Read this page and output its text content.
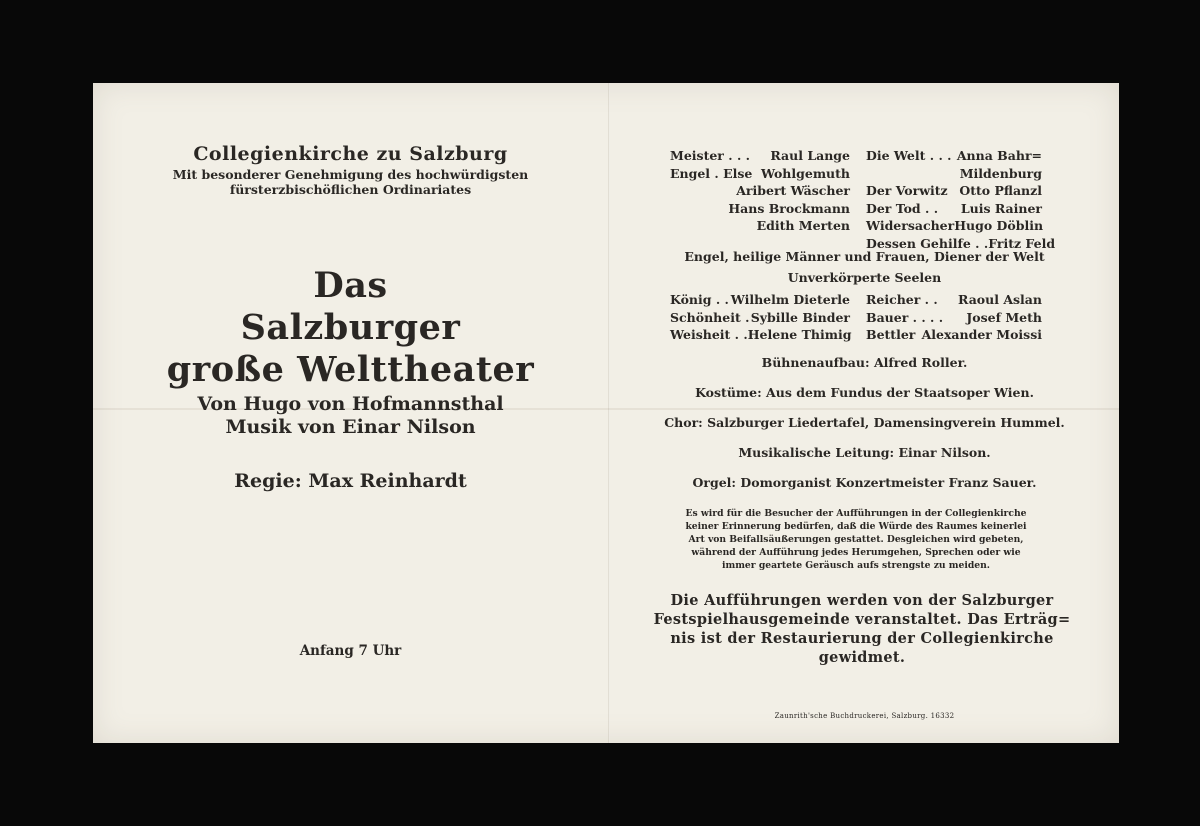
Collegienkirche zu Salzburg
Mit besonderer Genehmigung des hochwürdigsten
fürsterzbischöflichen Ordinariates
Das
Salzburger
große Welttheater
Von Hugo von Hofmannsthal
Musik von Einar Nilson
Regie: Max Reinhardt
Anfang 7 Uhr
Meister . . . Raul Lange
Engel . Else Wohlgemuth
Aribert Wäscher
Hans Brockmann
Edith Merten
Die Welt . . . Anna Bahr=
Mildenburg
Der Vorwitz Otto Pflanzl
Der Tod . . Luis Rainer
Widersacher Hugo Döblin
Dessen Gehilfe . . Fritz Feld
Engel, heilige Männer und Frauen, Diener der Welt
Unverkörperte Seelen
König . . Wilhelm Dieterle
Schönheit . Sybille Binder
Weisheit . . Helene Thimig
Reicher . . Raoul Aslan
Bauer . . . . Josef Meth
Bettler Alexander Moissi
Bühnenaufbau: Alfred Roller.
Kostüme: Aus dem Fundus der Staatsoper Wien.
Chor: Salzburger Liedertafel, Damensingverein Hummel.
Musikalische Leitung: Einar Nilson.
Orgel: Domorganist Konzertmeister Franz Sauer.
Es wird für die Besucher der Aufführungen in der Collegienkirche
keiner Erinnerung bedürfen, daß die Würde des Raumes keinerlei
Art von Beifallsäußerungen gestattet. Desgleichen wird gebeten,
während der Aufführung jedes Herumgehen, Sprechen oder wie
immer geartete Geräusch aufs strengste zu meiden.
Die Aufführungen werden von der Salzburger
Festspielhausgemeinde veranstaltet. Das Erträg=
nis ist der Restaurierung der Collegienkirche
gewidmet.
Zaunrith'sche Buchdruckerei, Salzburg. 16332
